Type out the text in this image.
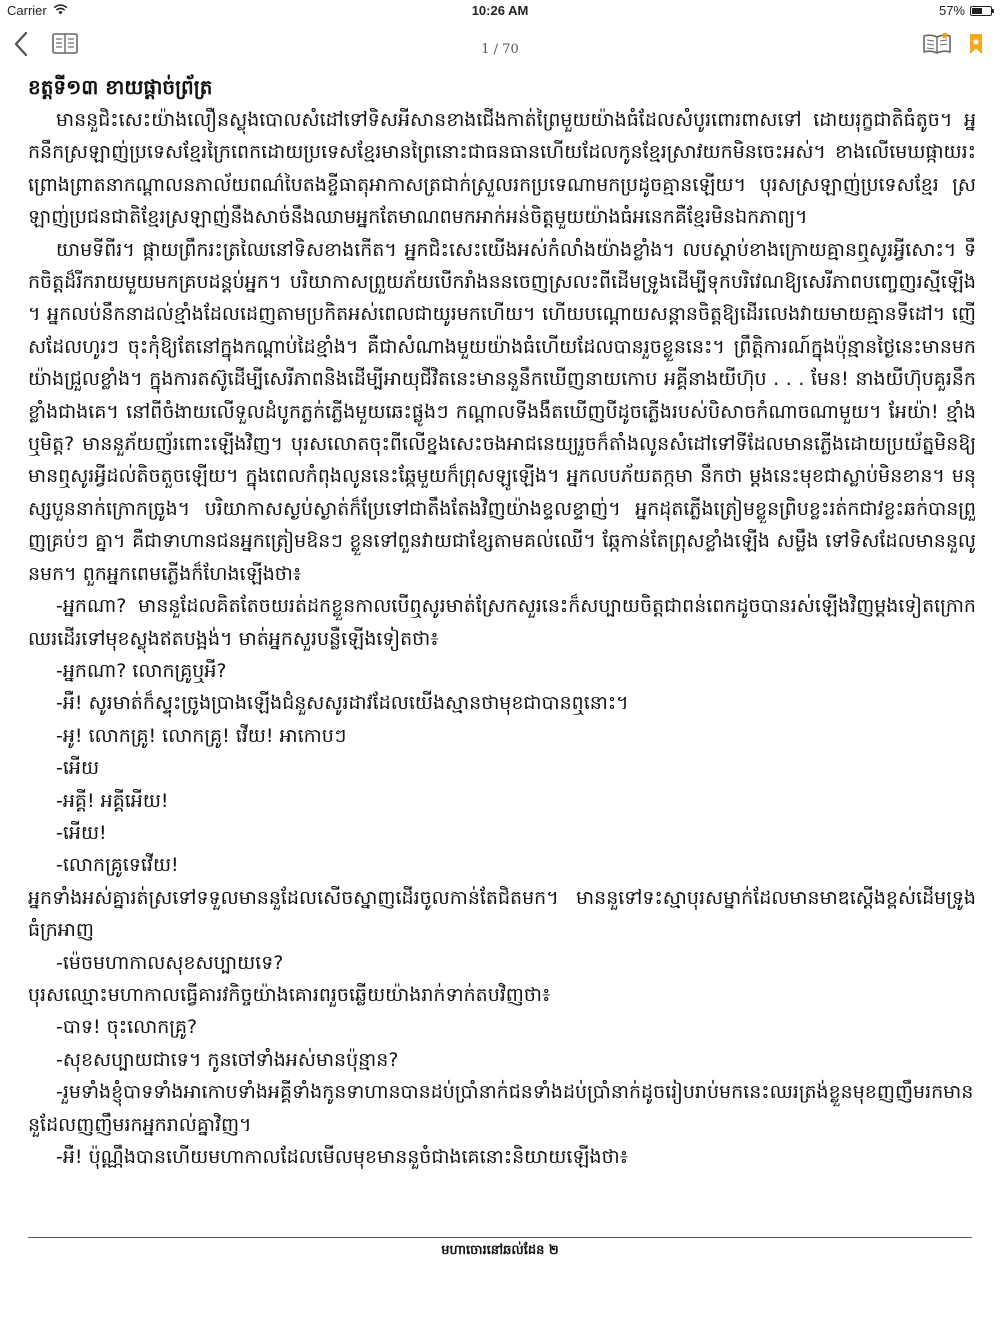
Carrier	10:26 AM	57%
1 / 70
ខត្តទី១៣ ខាយផ្ដាច់ព្រ័ត្រ

មាននួជិះសេះយ៉ាងលឿនស្លុងបោលសំដៅទៅទិសអីសានខាងជើងកាត់ព្រៃមួយយ៉ាងធំដែលសំបូរពោរពាសទៅ ដោយរុក្ខជាតិធំតូច។ អ្នកនឹកស្រឡាញ់ប្រទេសខ្មែរក្រៃពេកដោយប្រទេសខ្មែរមានព្រៃនោះជាធនធានហើយដែលកូនខ្មែរស្រាវយកមិនចេះអស់។ ខាងលើមេឃផ្កាយរះព្រោងព្រាតនាកណ្ដាលនភាល័យពណ៌បៃតងខ្ចីធាតុអាកាសត្រជាក់ស្រួលរកប្រទេណាមកប្រដូចគ្មានឡើយ។ បុរសស្រឡាញ់ប្រទេសខ្មែរ ស្រឡាញ់ប្រជនជាតិខ្មែរស្រឡាញ់នឹងសាច់នឹងឈាមអ្នកតែមាណពមកអាក់អន់ចិត្តមួយយ៉ាងធំអនេកគឺខ្មែរមិនឯកភាព្យ។

យាមទីពីរ។ ផ្កាយព្រឹករះត្រឈៃនៅទិសខាងកើត។ អ្នកជិះសេះយើងអស់កំលាំងយ៉ាងខ្លាំង។ លបស្ដាប់ខាងក្រោយគ្មានឮសូរអ្វីសោះ។ ទឹកចិត្តដ៏រីករាយមួយមកគ្របដន្ដប់អ្នក។ បរិយាកាសព្រួយភ័យបើករាំងននចេញស្រលះពីដើមទ្រូងដើម្បីទុកបរិវេណឱ្យសេរីភាពបញ្ចេញរស្មីឡើង។ អ្នកលប់នឹកនាដល់ខ្មាំងដែលដេញតាមប្រកិតអស់ពេលជាយូរមកហើយ។ ហើយបណ្ដោយសន្ដានចិត្តឱ្យដើរលេងវាយមាយគ្មានទីដៅ។ ញើសដែលហូរៗ ចុះកុំឱ្យតែនៅក្នុងកណ្ដាប់ដៃខ្មាំង។ គឺជាសំណាងមួយយ៉ាងធំហើយដែលបានរួចខ្លួននេះ។ ព្រឹត្តិការណ៍ក្នុងប៉ុន្មានថ្ងៃនេះមានមកយ៉ាងជ្រួលខ្លាំង។ ក្នុងការតស៊ូដើម្បីសេរីភាពនិងដើម្បីអាយុជីវិតនេះមាននួនឹកឃើញនាយកោប អគ្គីនាងយីហ៊ុប . . . មែន! នាងយីហ៊ុបគួរនឹកខ្លាំងជាងគេ។ នៅពីចំងាយលើទួលដំបូកភ្លក់ភ្លើងមួយឆេះផ្លូងៗ កណ្ដាលទីងងឹតឃើញបីដូចភ្លើងរបស់បិសាចកំណាចណាមួយ។ អែយ៉ា! ខ្មាំងឬមិត្ត? មាននួភ័យញ័រពោះឡើងវិញ។ បុរសលោតចុះពីលើខ្នងសេះចងអាជនេយ្យរួចក៏តាំងលូនសំដៅទៅទីដែលមានភ្លើងដោយប្រយ័ត្នមិនឱ្យមានឮសូរអ្វីដល់តិចតួចឡើយ។ ក្នុងពេលកំពុងលូននេះឆ្កែមួយក៏ព្រុសឡូឡើង។ អ្នកលបភ័យតក្កមា នឹកថា ម្ដងនេះមុខជាស្លាប់មិនខាន។ មនុស្សបួននាក់ក្រោកច្រូង។ បរិយាកាសស្ងប់ស្ងាត់ក៏ប្រែទៅជាតឹងតែងវិញយ៉ាងខ្ទលខ្ទាញ់។ អ្នកដុតភ្លើងត្រៀមខ្លួនព្រិបខ្លះរត់កជាវខ្លះឆក់បានព្រួញគ្រប់ៗ គ្នា។ គឺជាទាហានជនអ្នកត្រៀមឱនៗ ខ្លួនទៅពួនវាយជាខ្សែតាមគល់ឈើ។ ឆ្កែកាន់តែព្រុសខ្លាំងឡើង សម្លឹង ទៅទិសដែលមាននួលូនមក។ ពួកអ្នកពេមភ្លើងក៏ហែងឡើងថា៖

-អ្នកណា? មាននួដែលគិតតែចយរត់ដកខ្លួនកាលបើឮសូរមាត់ស្រែកសួរនេះក៏សប្បាយចិត្តជាពន់ពេកដូចបានរស់ឡើងវិញម្ដងទៀតក្រោកឈរដើរទៅមុខស្លុងឥតបង្អង់។ មាត់អ្នកសួរបន្លឺឡើងទៀតថា៖

-អ្នកណា? លោកគ្រូឬអី?

-អឺ! សូរមាត់ក៏ស្ទុះច្រូងប្រាងឡើងជំនួសសូរដាវដែលយើងស្មានថាមុខជាបានឮនោះ។

-អូ! លោកគ្រូ! លោកគ្រូ! វើយ! អាកោបៗ

-អើយ

-អគ្គី! អគ្គីអើយ!

-អើយ!

-លោកគ្រូទេវើយ!

អ្នកទាំងអស់គ្នារត់ស្រទៅទទួលមាននួដែលសើចស្នាញដើរចូលកាន់តែជិតមក។ មាននួទៅទះស្មាបុរសម្នាក់ដែលមានមាឌស្ដើងខ្ពស់ដើមទ្រូងធំក្រអាញ

-ម៉េចមហាកាលសុខសប្បាយទេ?

បុរសឈ្មោះមហាកាលធ្វើគារវកិច្ចយ៉ាងគោរពរួចឆ្លើយយ៉ាងរាក់ទាក់តបវិញថា៖

-បាទ! ចុះលោកគ្រូ?

-សុខសប្បាយជាទេ។ កូនចៅទាំងអស់មានប៉ុន្មាន?

-រួមទាំងខ្ញុំបាទទាំងអាកោបទាំងអគ្គីទាំងកូនទាហានបានដប់ប្រាំនាក់ជនទាំងដប់ប្រាំនាក់ដូចរៀបរាប់មកនេះឈរត្រង់ខ្លួនមុខញញឹមរកមាននួដែលញញឹមរកអ្នករាល់គ្នាវិញ។

-អឺ! ប៉ុណ្ណឹងបានហើយមហាកាលដែលមើលមុខមាននួចំជាងគេនោះនិយាយឡើងថា៖

មហាចោរនៅឆល់ដែន ២
